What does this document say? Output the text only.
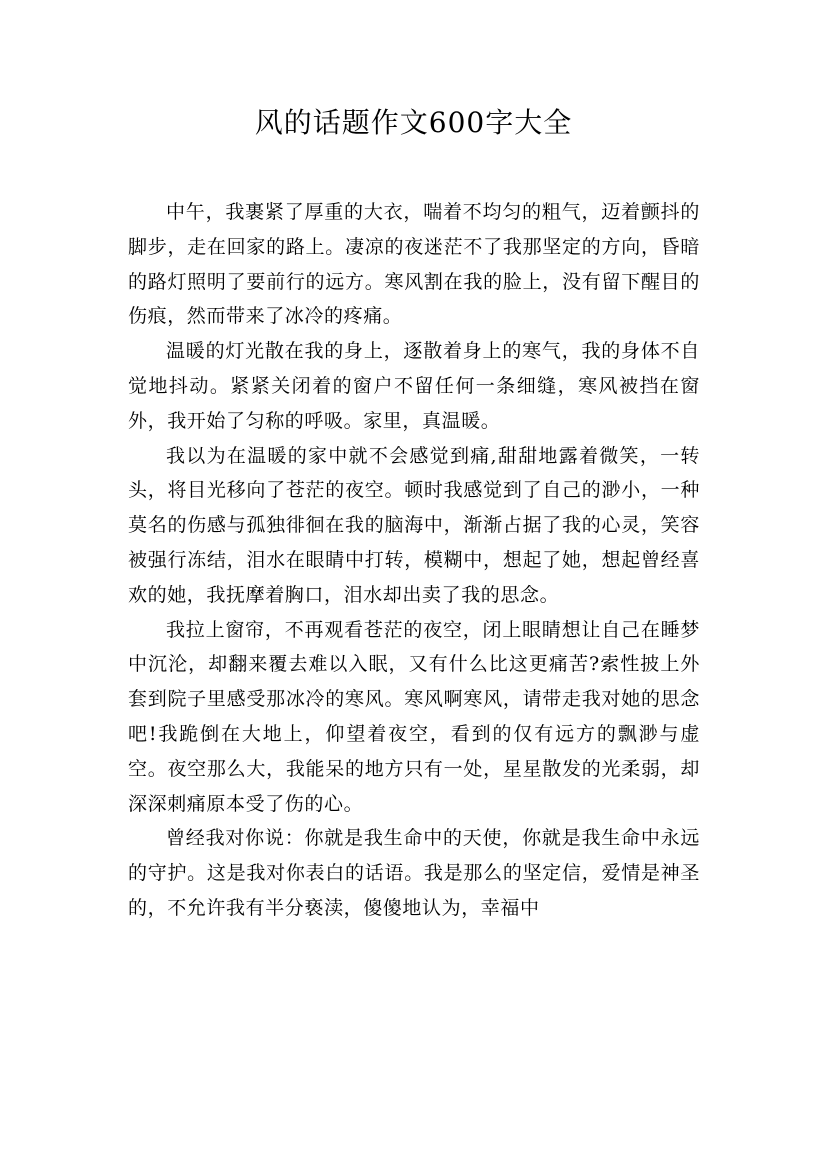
风的话题作文600字大全

中午，我裹紧了厚重的大衣，喘着不均匀的粗气，迈着颤抖的脚步，走在回家的路上。凄凉的夜迷茫不了我那坚定的方向，昏暗的路灯照明了要前行的远方。寒风割在我的脸上，没有留下醒目的伤痕，然而带来了冰冷的疼痛。

温暖的灯光散在我的身上，逐散着身上的寒气，我的身体不自觉地抖动。紧紧关闭着的窗户不留任何一条细缝，寒风被挡在窗外，我开始了匀称的呼吸。家里，真温暖。

我以为在温暖的家中就不会感觉到痛,甜甜地露着微笑，一转头，将目光移向了苍茫的夜空。顿时我感觉到了自己的渺小，一种莫名的伤感与孤独徘徊在我的脑海中，渐渐占据了我的心灵，笑容被强行冻结，泪水在眼睛中打转，模糊中，想起了她，想起曾经喜欢的她，我抚摩着胸口，泪水却出卖了我的思念。

我拉上窗帘，不再观看苍茫的夜空，闭上眼睛想让自己在睡梦中沉沦，却翻来覆去难以入眠，又有什么比这更痛苦?索性披上外套到院子里感受那冰冷的寒风。寒风啊寒风，请带走我对她的思念吧!我跪倒在大地上，仰望着夜空，看到的仅有远方的飘渺与虚空。夜空那么大，我能呆的地方只有一处，星星散发的光柔弱，却深深刺痛原本受了伤的心。

曾经我对你说：你就是我生命中的天使，你就是我生命中永远的守护。这是我对你表白的话语。我是那么的坚定信，爱情是神圣的，不允许我有半分亵渎，傻傻地认为，幸福中
